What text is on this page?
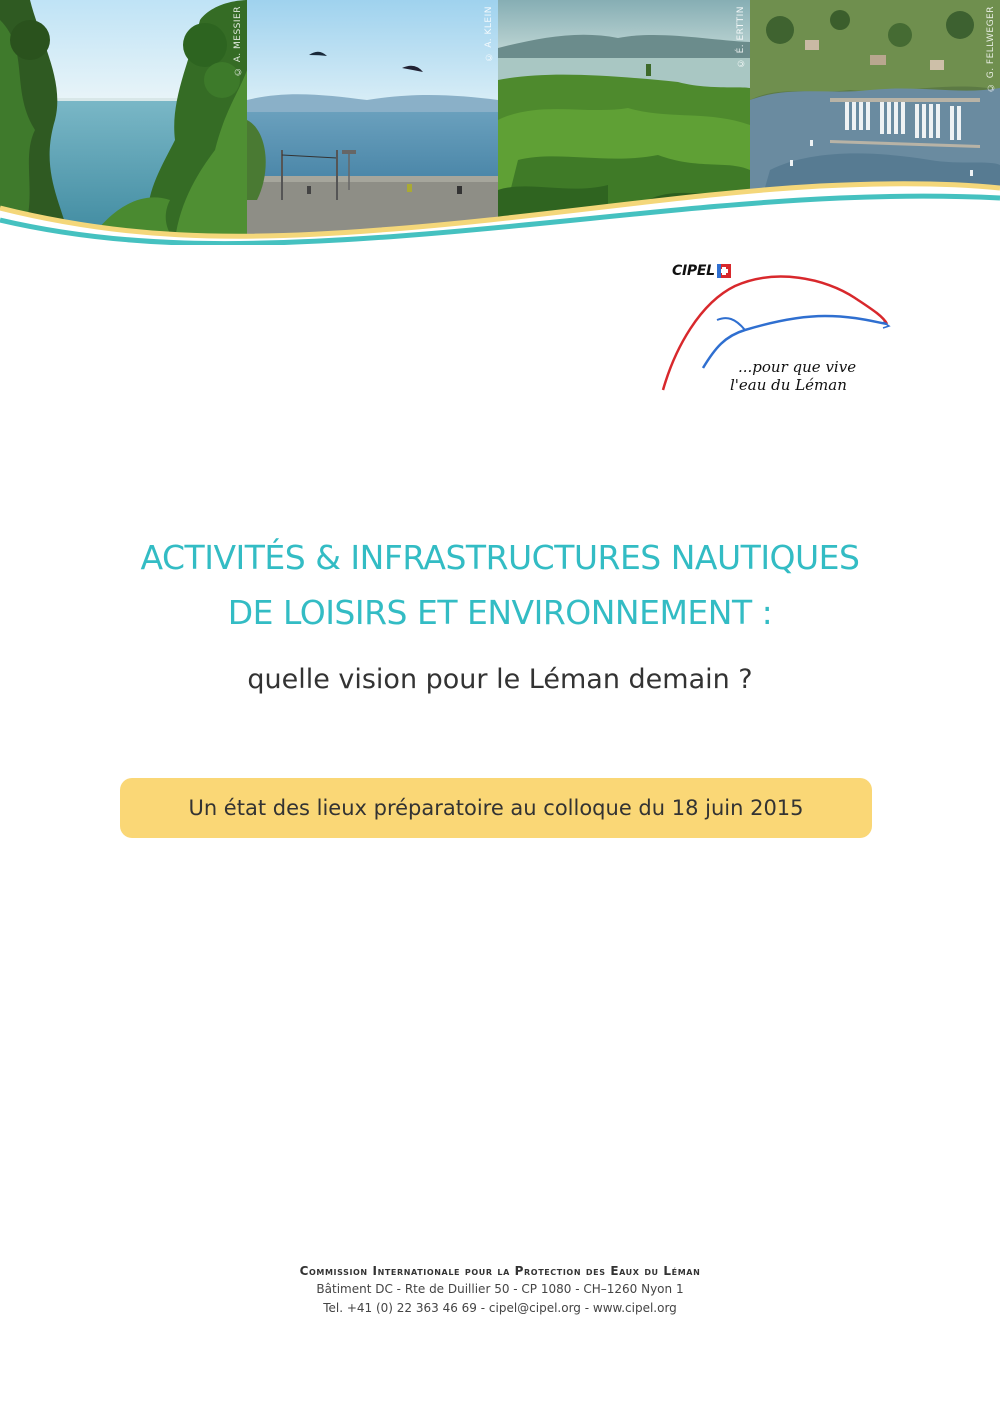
© A. MESSIER	© A. KLEIN	© É. ERTTIN	© G. FELLWEGER
CIPEL
...pour que vive
l'eau du Léman
ACTIVITÉS & INFRASTRUCTURES NAUTIQUES
DE LOISIRS ET ENVIRONNEMENT :

quelle vision pour le Léman demain ?

Un état des lieux préparatoire au colloque du 18 juin 2015
Commission Internationale pour la Protection des Eaux du Léman
Bâtiment DC - Rte de Duillier 50 - CP 1080 - CH–1260 Nyon 1
Tel. +41 (0) 22 363 46 69 - cipel@cipel.org - www.cipel.org
